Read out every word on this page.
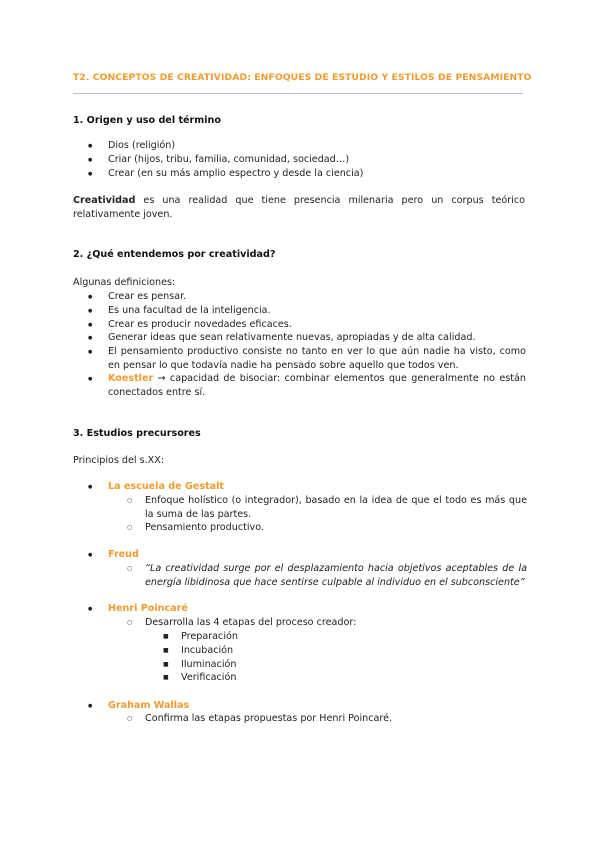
T2. CONCEPTOS DE CREATIVIDAD: ENFOQUES DE ESTUDIO Y ESTILOS DE PENSAMIENTO
1. Origen y uso del término
● Dios (religión)
● Criar (hijos, tribu, familia, comunidad, sociedad…)
● Crear (en su más amplio espectro y desde la ciencia)
Creatividad es una realidad que tiene presencia milenaria pero un corpus teórico relativamente joven.
2. ¿Qué entendemos por creatividad?
Algunas definiciones:
● Crear es pensar.
● Es una facultad de la inteligencia.
● Crear es producir novedades eficaces.
● Generar ideas que sean relativamente nuevas, apropiadas y de alta calidad.
● El pensamiento productivo consiste no tanto en ver lo que aún nadie ha visto, como en pensar lo que todavía nadie ha pensado sobre aquello que todos ven.
● Koestler → capacidad de bisociar: combinar elementos que generalmente no están conectados entre sí.
3. Estudios precursores
Principios del s.XX:
● La escuela de Gestalt
○ Enfoque holístico (o integrador), basado en la idea de que el todo es más que la suma de las partes.
○ Pensamiento productivo.
● Freud
○ “La creatividad surge por el desplazamiento hacia objetivos aceptables de la energía libidinosa que hace sentirse culpable al individuo en el subconsciente”
● Henri Poincaré
○ Desarrolla las 4 etapas del proceso creador:
■ Preparación
■ Incubación
■ Iluminación
■ Verificación
● Graham Wallas
○ Confirma las etapas propuestas por Henri Poincaré.
